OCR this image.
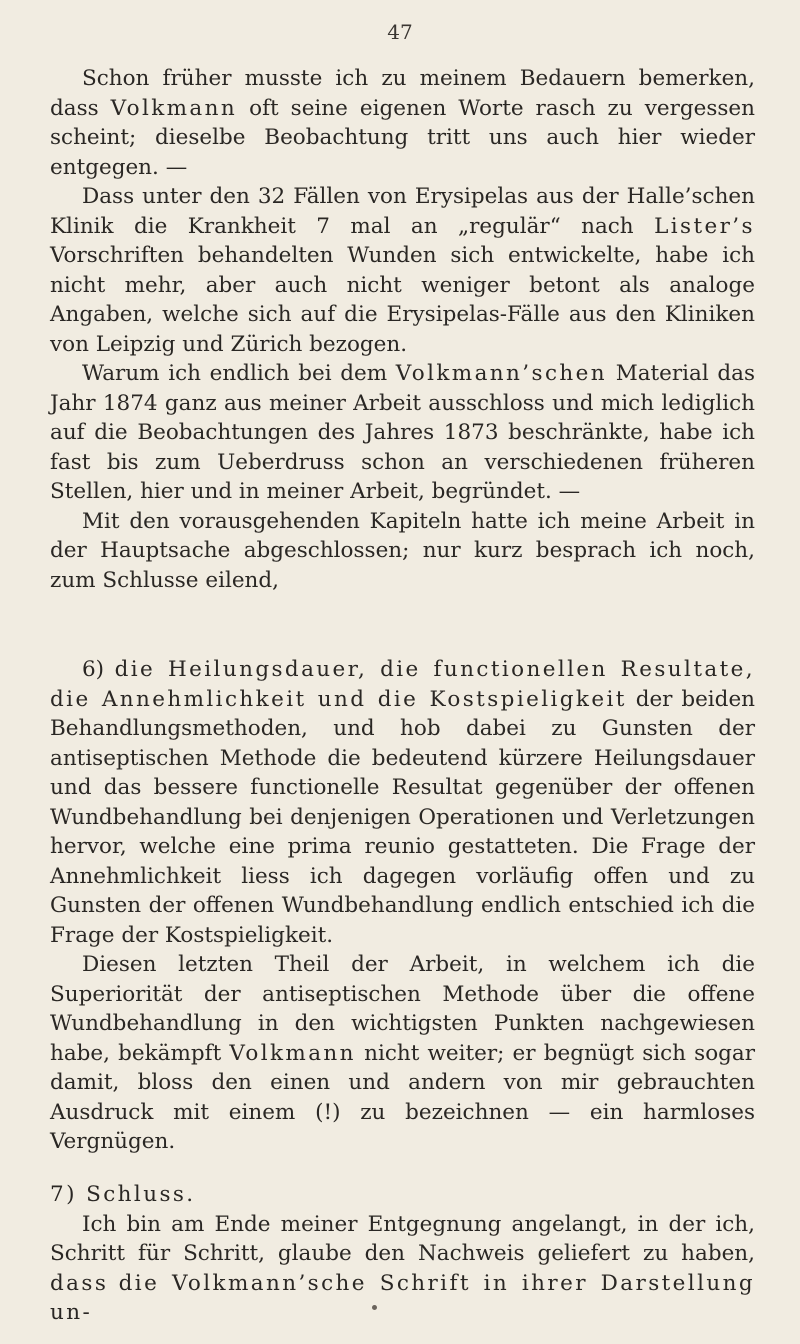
47

Schon früher musste ich zu meinem Bedauern bemerken, dass Volkmann oft seine eigenen Worte rasch zu vergessen scheint; dieselbe Beobachtung tritt uns auch hier wieder entgegen. —

Dass unter den 32 Fällen von Erysipelas aus der Halle’schen Klinik die Krankheit 7 mal an „regulär“ nach Lister’s Vorschriften behandelten Wunden sich entwickelte, habe ich nicht mehr, aber auch nicht weniger betont als analoge Angaben, welche sich auf die Erysipelas-Fälle aus den Kliniken von Leipzig und Zürich bezogen.

Warum ich endlich bei dem Volkmann’schen Material das Jahr 1874 ganz aus meiner Arbeit ausschloss und mich lediglich auf die Beobachtungen des Jahres 1873 beschränkte, habe ich fast bis zum Ueberdruss schon an verschiedenen früheren Stellen, hier und in meiner Arbeit, begründet. —

Mit den vorausgehenden Kapiteln hatte ich meine Arbeit in der Hauptsache abgeschlossen; nur kurz besprach ich noch, zum Schlusse eilend,

6) die Heilungsdauer, die functionellen Resultate, die Annehmlichkeit und die Kostspieligkeit der beiden Behandlungsmethoden, und hob dabei zu Gunsten der antiseptischen Methode die bedeutend kürzere Heilungsdauer und das bessere functionelle Resultat gegenüber der offenen Wundbehandlung bei denjenigen Operationen und Verletzungen hervor, welche eine prima reunio gestatteten. Die Frage der Annehmlichkeit liess ich dagegen vorläufig offen und zu Gunsten der offenen Wundbehandlung endlich entschied ich die Frage der Kostspieligkeit.

Diesen letzten Theil der Arbeit, in welchem ich die Superiorität der antiseptischen Methode über die offene Wundbehandlung in den wichtigsten Punkten nachgewiesen habe, bekämpft Volkmann nicht weiter; er begnügt sich sogar damit, bloss den einen und andern von mir gebrauchten Ausdruck mit einem (!) zu bezeichnen — ein harmloses Vergnügen.

7) Schluss.

Ich bin am Ende meiner Entgegnung angelangt, in der ich, Schritt für Schritt, glaube den Nachweis geliefert zu haben, dass die Volkmann’sche Schrift in ihrer Darstellung un-
